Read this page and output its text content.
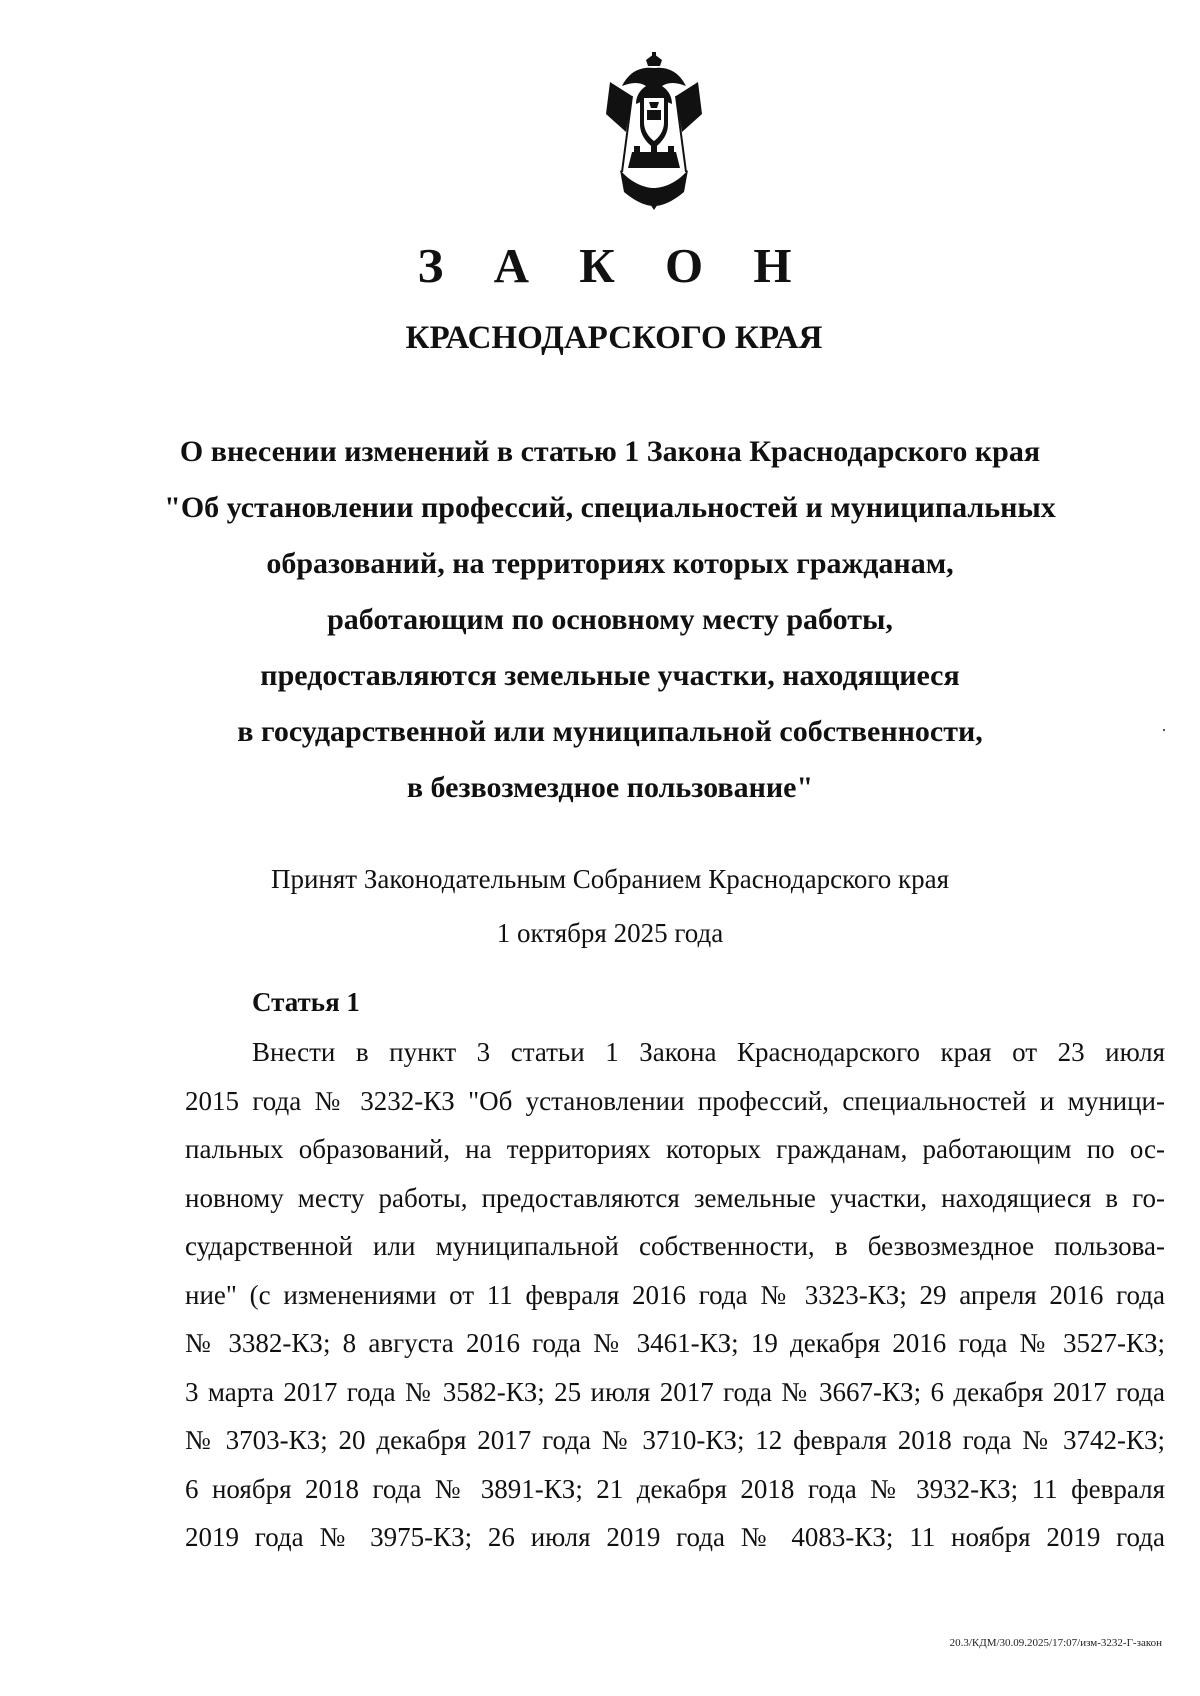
З А К О Н
КРАСНОДАРСКОГО КРАЯ
О внесении изменений в статью 1 Закона Краснодарского края
"Об установлении профессий, специальностей и муниципальных
образований, на территориях которых гражданам,
работающим по основному месту работы,
предоставляются земельные участки, находящиеся
в государственной или муниципальной собственности,
в безвозмездное пользование"
Принят Законодательным Собранием Краснодарского края
1 октября 2025 года
Статья 1
Внести в пункт 3 статьи 1 Закона Краснодарского края от 23 июля
2015 года № 3232-КЗ "Об установлении профессий, специальностей и муници-
пальных образований, на территориях которых гражданам, работающим по ос-
новному месту работы, предоставляются земельные участки, находящиеся в го-
сударственной или муниципальной собственности, в безвозмездное пользова-
ние" (с изменениями от 11 февраля 2016 года № 3323-КЗ; 29 апреля 2016 года
№ 3382-КЗ; 8 августа 2016 года № 3461-КЗ; 19 декабря 2016 года № 3527-КЗ;
3 марта 2017 года № 3582-КЗ; 25 июля 2017 года № 3667-КЗ; 6 декабря 2017 года
№ 3703-КЗ; 20 декабря 2017 года № 3710-КЗ; 12 февраля 2018 года № 3742-КЗ;
6 ноября 2018 года № 3891-КЗ; 21 декабря 2018 года № 3932-КЗ; 11 февраля
2019 года № 3975-КЗ; 26 июля 2019 года № 4083-КЗ; 11 ноября 2019 года
20.3/КДМ/30.09.2025/17:07/изм-3232-Г-закон
